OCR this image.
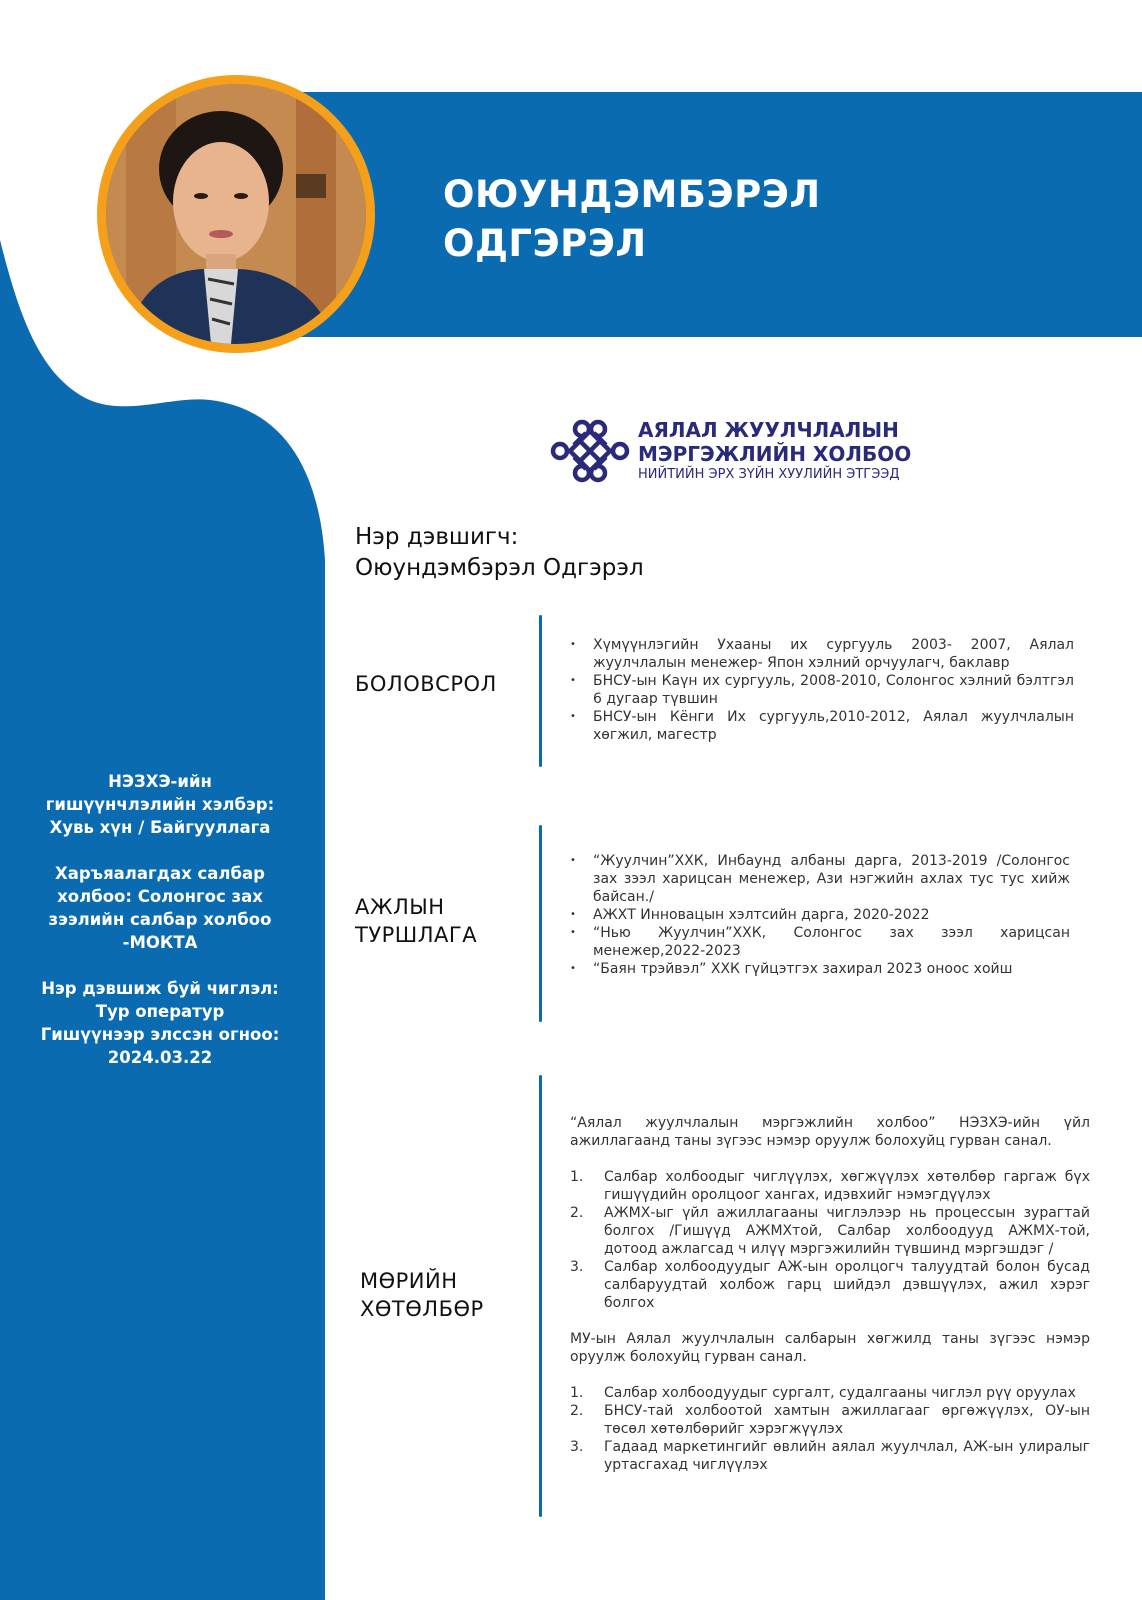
ОЮУНДЭМБЭРЭЛ
ОДГЭРЭЛ
АЯЛАЛ ЖУУЛЧЛАЛЫН
МЭРГЭЖЛИЙН ХОЛБОО
НИЙТИЙН ЭРХ ЗҮЙН ХУУЛИЙН ЭТГЭЭД
Нэр дэвшигч:
Оюундэмбэрэл Одгэрэл
НЭЗХЭ-ийн гишүүнчлэлийн хэлбэр: Хувь хүн / Байгууллага
Харъяалагдах салбар холбоо: Солонгос зах зээлийн салбар холбоо -МОКТА
Нэр дэвшиж буй чиглэл: Тур оператур
Гишүүнээр элссэн огноо: 2024.03.22
БОЛОВСРОЛ
• Хүмүүнлэгийн Ухааны их сургууль 2003- 2007, Аялал жуулчлалын менежер- Япон хэлний орчуулагч, баклавр
• БНСУ-ын Каүн их сургууль, 2008-2010, Солонгос хэлний бэлтгэл 6 дугаар түвшин
• БНСУ-ын Кёнги Их сургууль,2010-2012, Аялал жуулчлалын хөгжил, магестр
АЖЛЫН
ТУРШЛАГА
• “Жуулчин”ХХК, Инбаунд албаны дарга, 2013-2019 /Солонгос зах зээл харицсан менежер, Ази нэгжийн ахлах тус тус хийж байсан./
• АЖХТ Инновацын хэлтсийн дарга, 2020-2022
• “Нью Жуулчин”ХХК, Солонгос зах зээл харицсан менежер,2022-2023
• “Баян трэйвэл” ХХК гүйцэтгэх захирал 2023 оноос хойш
МӨРИЙН
ХӨТӨЛБӨР

“Аялал жуулчлалын мэргэжлийн холбоо” НЭЗХЭ-ийн үйл ажиллагаанд таны зүгээс нэмэр оруулж болохуйц гурван санал.

1. Салбар холбоодыг чиглүүлэх, хөгжүүлэх хөтөлбөр гаргаж бүх гишүүдийн оролцоог хангах, идэвхийг нэмэгдүүлэх
2. АЖМХ-ыг үйл ажиллагааны чиглэлээр нь процессын зурагтай болгох /Гишүүд АЖМХтой, Салбар холбоодууд АЖМХ-той, дотоод ажлагсад ч илүү мэргэжилийн түвшинд мэргэшдэг /
3. Салбар холбоодуудыг АЖ-ын оролцогч талуудтай болон бусад салбаруудтай холбож гарц шийдэл дэвшүүлэх, ажил хэрэг болгох

МУ-ын Аялал жуулчлалын салбарын хөгжилд таны зүгээс нэмэр оруулж болохуйц гурван санал.

1. Салбар холбоодуудыг сургалт, судалгааны чиглэл рүү оруулах
2. БНСУ-тай холбоотой хамтын ажиллагааг өргөжүүлэх, ОУ-ын төсөл хөтөлбөрийг хэрэгжүүлэх
3. Гадаад маркетингийг өвлийн аялал жуулчлал, АЖ-ын улиралыг уртасгахад чиглүүлэх
